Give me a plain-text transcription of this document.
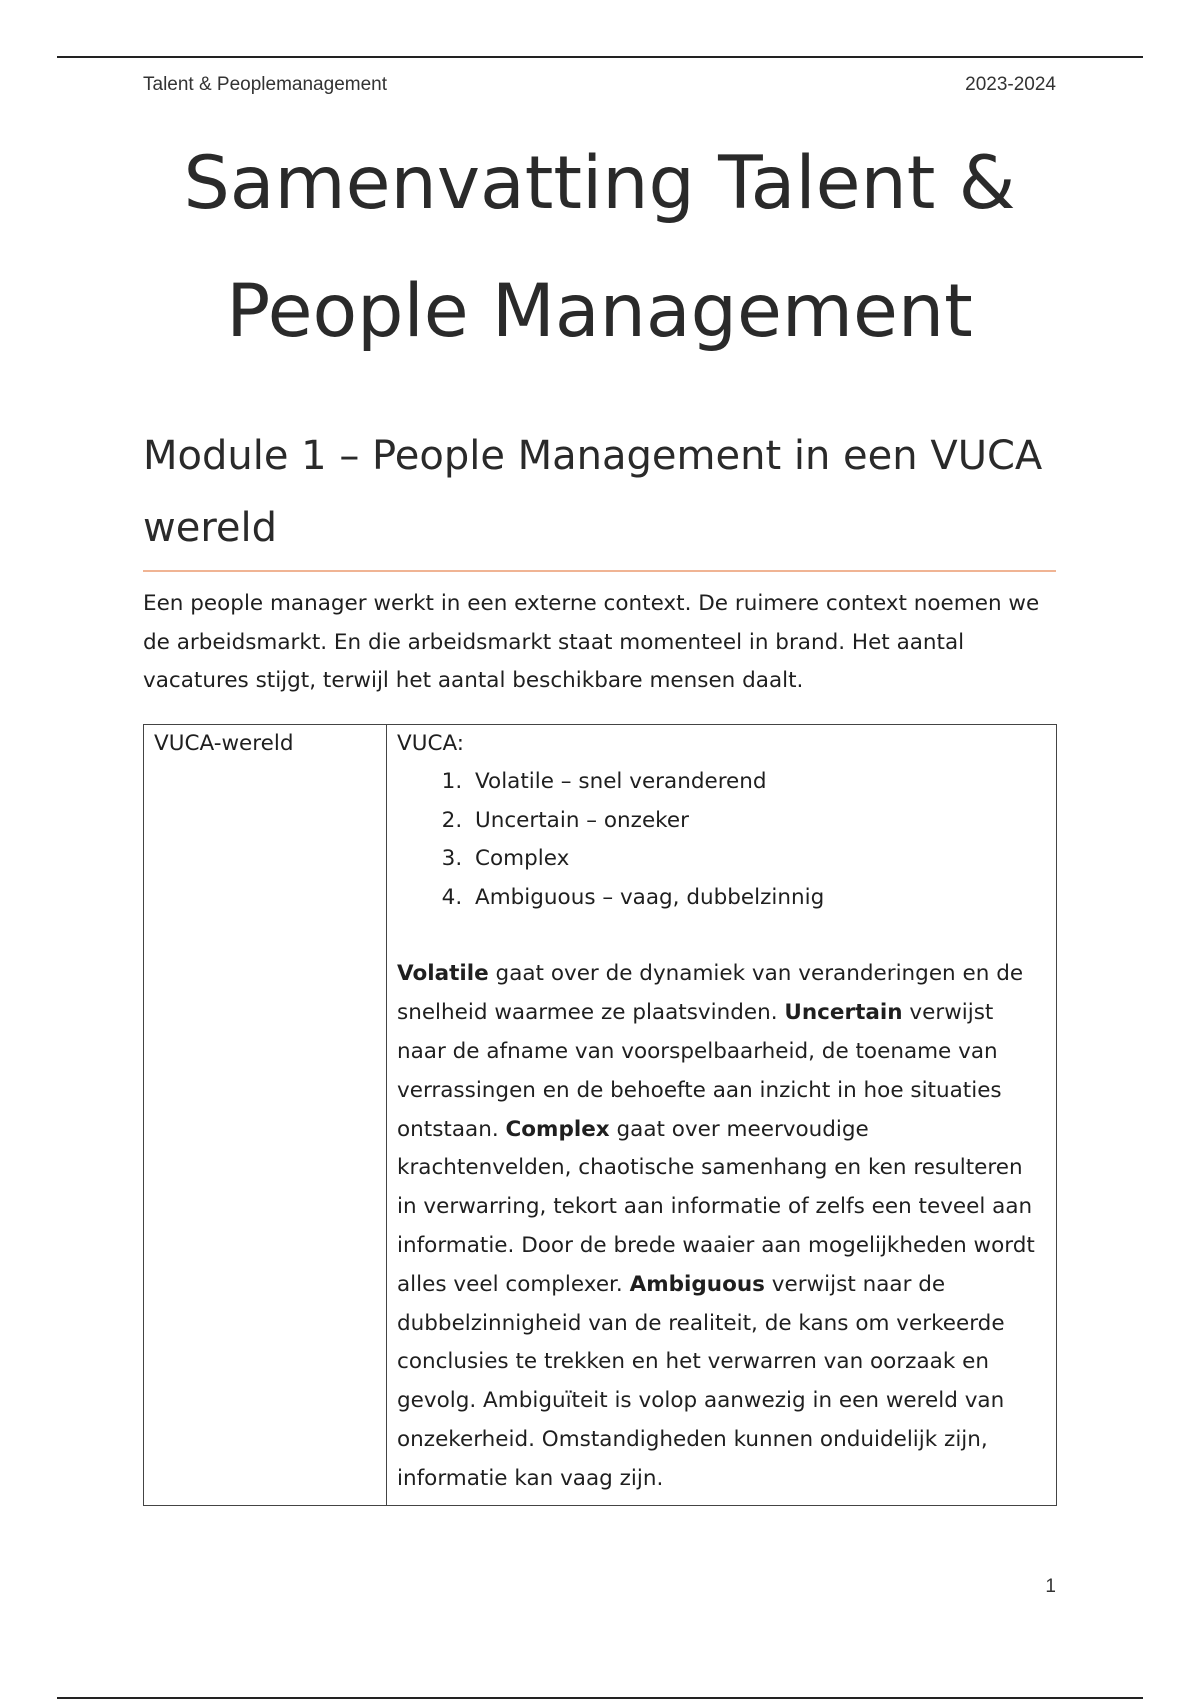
Talent & Peoplemanagement	2023-2024
Samenvatting Talent & People Management
Module 1 – People Management in een VUCA wereld

Een people manager werkt in een externe context. De ruimere context noemen we de arbeidsmarkt. En die arbeidsmarkt staat momenteel in brand. Het aantal vacatures stijgt, terwijl het aantal beschikbare mensen daalt.

VUCA-wereld	VUCA:
1. Volatile – snel veranderend
2. Uncertain – onzeker
3. Complex
4. Ambiguous – vaag, dubbelzinnig

Volatile gaat over de dynamiek van veranderingen en de snelheid waarmee ze plaatsvinden. Uncertain verwijst naar de afname van voorspelbaarheid, de toename van verrassingen en de behoefte aan inzicht in hoe situaties ontstaan. Complex gaat over meervoudige krachtenvelden, chaotische samenhang en ken resulteren in verwarring, tekort aan informatie of zelfs een teveel aan informatie. Door de brede waaier aan mogelijkheden wordt alles veel complexer. Ambiguous verwijst naar de dubbelzinnigheid van de realiteit, de kans om verkeerde conclusies te trekken en het verwarren van oorzaak en gevolg. Ambiguïteit is volop aanwezig in een wereld van onzekerheid. Omstandigheden kunnen onduidelijk zijn, informatie kan vaag zijn.

1
